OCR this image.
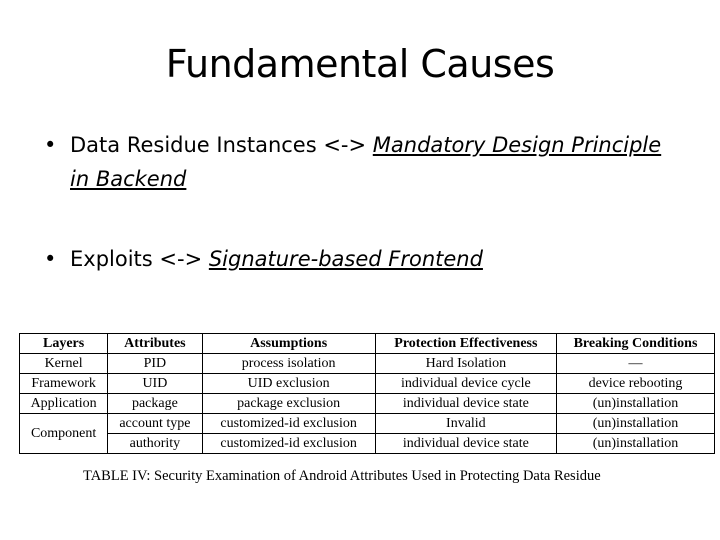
Fundamental Causes
• Data Residue Instances <-> Mandatory Design Principle in Backend
• Exploits <-> Signature-based Frontend
Layers	Attributes	Assumptions	Protection Effectiveness	Breaking Conditions
Kernel	PID	process isolation	Hard Isolation	—
Framework	UID	UID exclusion	individual device cycle	device rebooting
Application	package	package exclusion	individual device state	(un)installation
Component	account type	customized-id exclusion	Invalid	(un)installation
	authority	customized-id exclusion	individual device state	(un)installation
TABLE IV: Security Examination of Android Attributes Used in Protecting Data Residue
